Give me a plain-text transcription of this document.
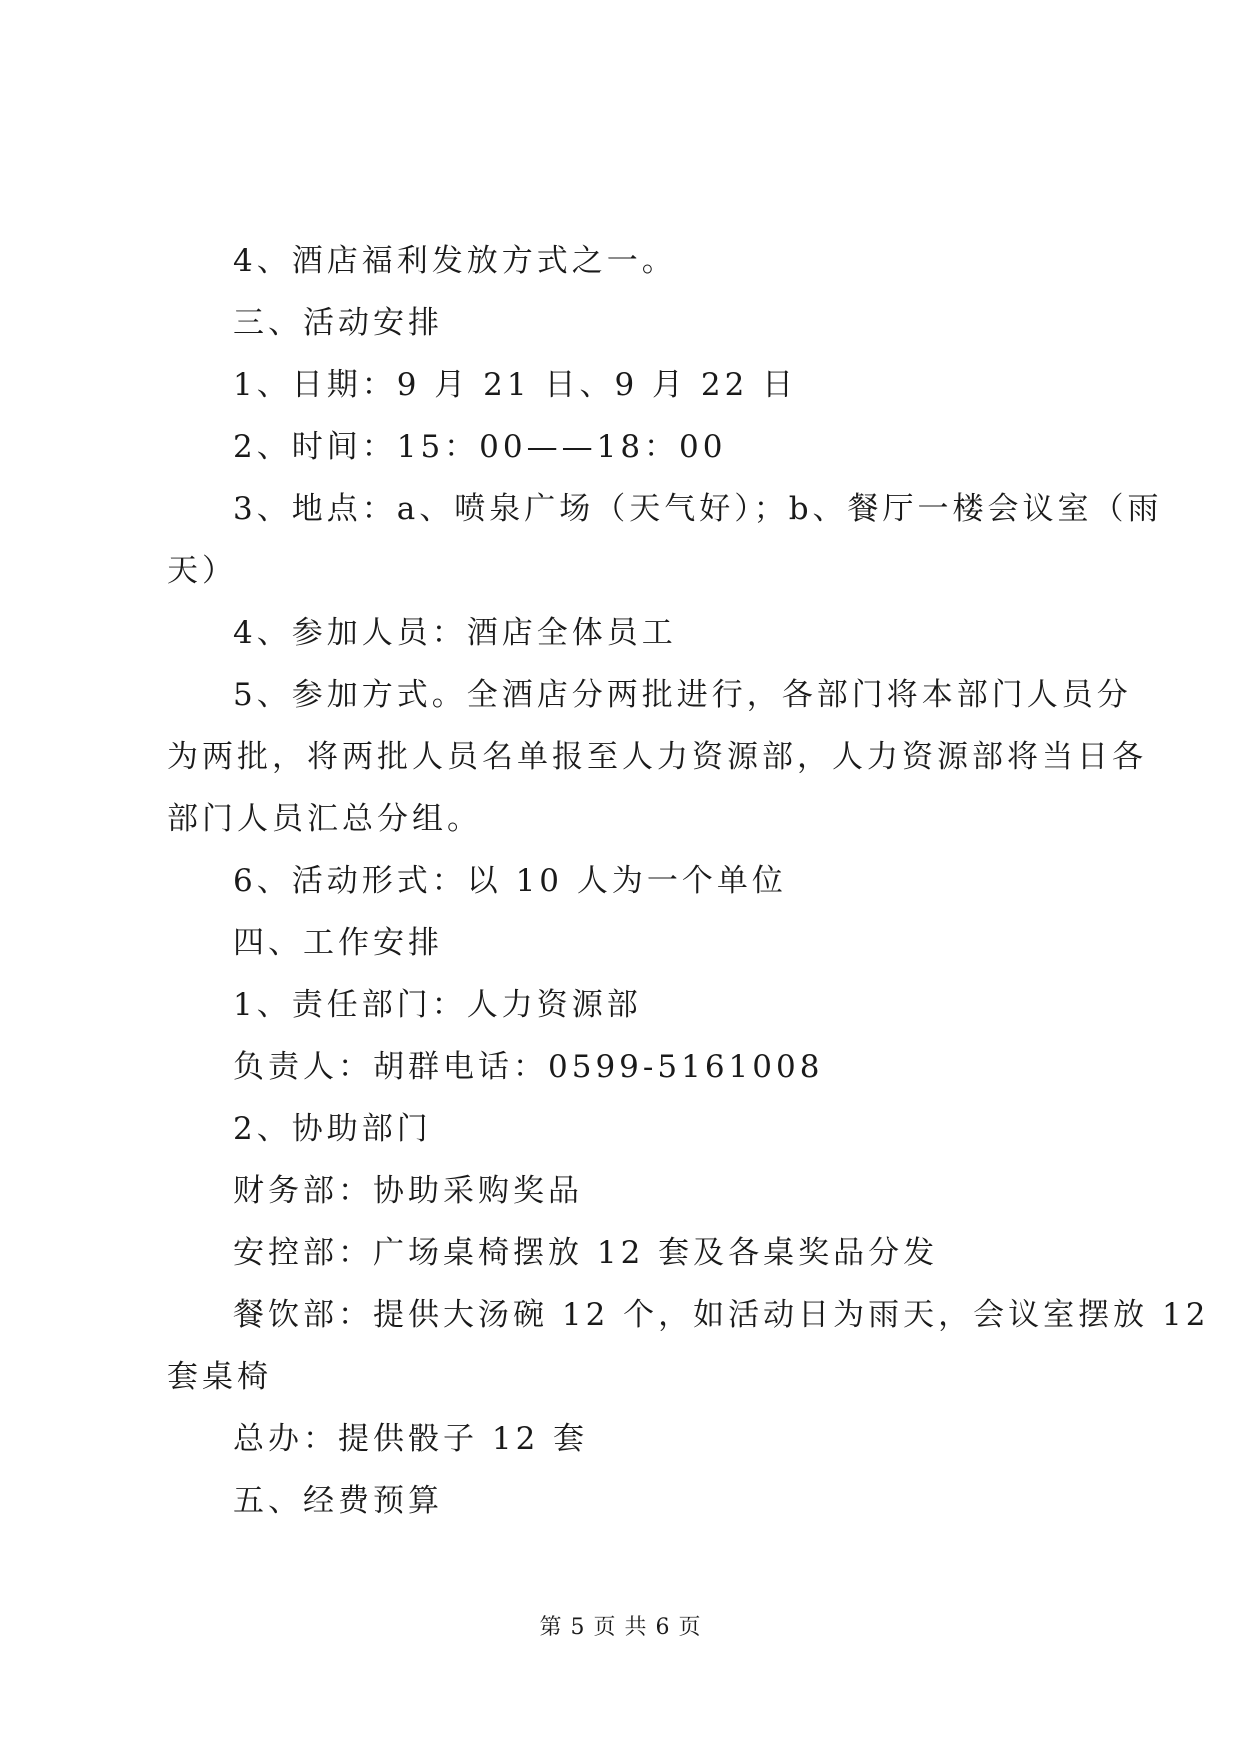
4、酒店福利发放方式之一。
三、活动安排
1、日期：9 月 21 日、9 月 22 日
2、时间：15：00——18：00
3、地点：a、喷泉广场（天气好）；b、餐厅一楼会议室（雨
天）
4、参加人员：酒店全体员工
5、参加方式。全酒店分两批进行，各部门将本部门人员分
为两批，将两批人员名单报至人力资源部，人力资源部将当日各
部门人员汇总分组。
6、活动形式：以 10 人为一个单位
四、工作安排
1、责任部门：人力资源部
负责人：胡群电话：0599-5161008
2、协助部门
财务部：协助采购奖品
安控部：广场桌椅摆放 12 套及各桌奖品分发
餐饮部：提供大汤碗 12 个，如活动日为雨天，会议室摆放 12
套桌椅
总办：提供骰子 12 套
五、经费预算
第 5 页 共 6 页
